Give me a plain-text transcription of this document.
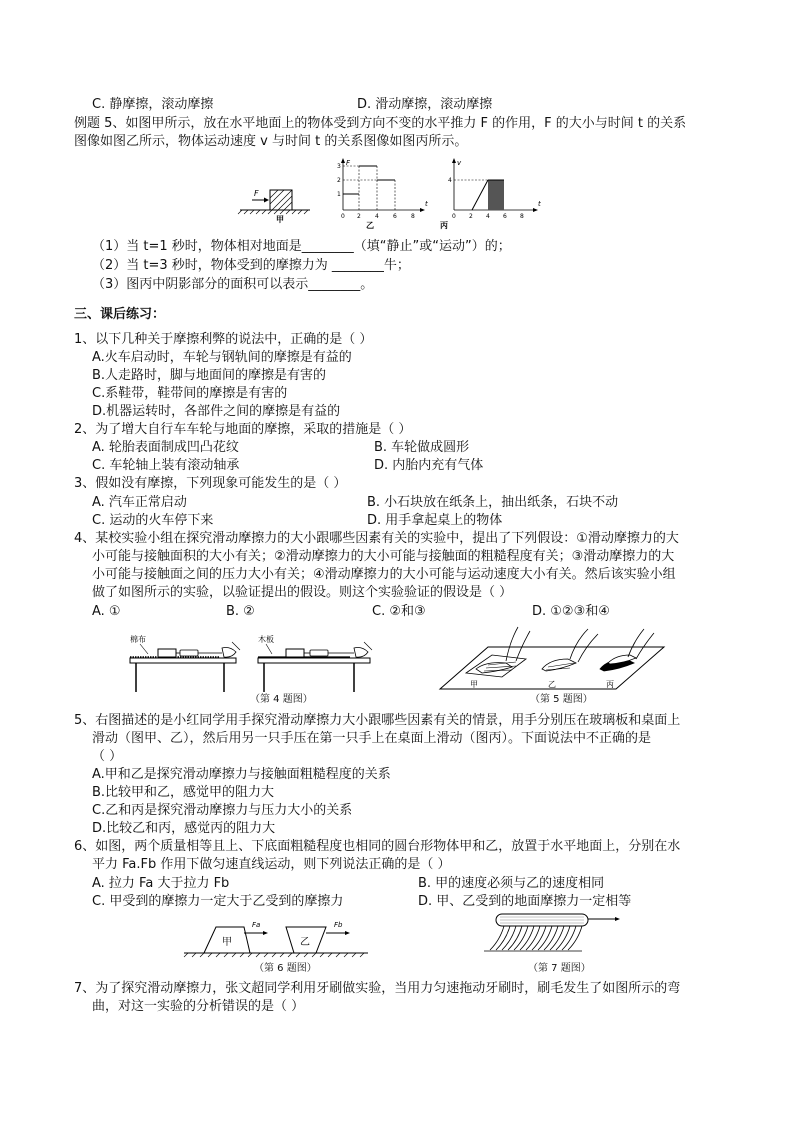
C. 静摩擦，滚动摩擦	D. 滑动摩擦，滚动摩擦
例题 5、如图甲所示，放在水平地面上的物体受到方向不变的水平推力 F 的作用，F 的大小与时间 t 的关系
图像如图乙所示，物体运动速度 v 与时间 t 的关系图像如图丙所示。
F
甲
F
t
1
2
3
0 2 4 6 8
乙
v
t
4
0 2 4 6 8
丙
（1）当 t=1 秒时，物体相对地面是________（填“静止”或“运动”）的；
（2）当 t=3 秒时，物体受到的摩擦力为 ________牛；
（3）图丙中阴影部分的面积可以表示________。
三、课后练习：
1、以下几种关于摩擦利弊的说法中，正确的是（ ）
A.火车启动时，车轮与钢轨间的摩擦是有益的
B.人走路时，脚与地面间的摩擦是有害的
C.系鞋带，鞋带间的摩擦是有害的
D.机器运转时，各部件之间的摩擦是有益的
2、为了增大自行车车轮与地面的摩擦，采取的措施是（ ）
A. 轮胎表面制成凹凸花纹	B. 车轮做成圆形
C. 车轮轴上装有滚动轴承	D. 内胎内充有气体
3、假如没有摩擦，下列现象可能发生的是（ ）
A. 汽车正常启动	B. 小石块放在纸条上，抽出纸条，石块不动
C. 运动的火车停下来	D. 用手拿起桌上的物体
4、某校实验小组在探究滑动摩擦力的大小跟哪些因素有关的实验中，提出了下列假设：①滑动摩擦力的大
小可能与接触面积的大小有关；②滑动摩擦力的大小可能与接触面的粗糙程度有关；③滑动摩擦力的大
小可能与接触面之间的压力大小有关；④滑动摩擦力的大小可能与运动速度大小有关。然后该实验小组
做了如图所示的实验，以验证提出的假设。则这个实验验证的假设是（ ）
A. ①	B. ②	C. ②和③	D. ①②③和④
棉布	木板
（第 4 题图）
甲	乙	丙
（第 5 题图）
5、右图描述的是小红同学用手探究滑动摩擦力大小跟哪些因素有关的情景，用手分别压在玻璃板和桌面上
滑动（图甲、乙），然后用另一只手压在第一只手上在桌面上滑动（图丙）。下面说法中不正确的是
（ ）
A.甲和乙是探究滑动摩擦力与接触面粗糙程度的关系
B.比较甲和乙，感觉甲的阻力大
C.乙和丙是探究滑动摩擦力与压力大小的关系
D.比较乙和丙，感觉丙的阻力大
6、如图，两个质量相等且上、下底面粗糙程度也相同的圆台形物体甲和乙，放置于水平地面上，分别在水
平力 Fa.Fb 作用下做匀速直线运动，则下列说法正确的是（ ）
A. 拉力 Fa 大于拉力 Fb	B. 甲的速度必须与乙的速度相同
C. 甲受到的摩擦力一定大于乙受到的摩擦力	D. 甲、乙受到的地面摩擦力一定相等
甲
Fa
乙
Fb
（第 6 题图）	（第 7 题图）
7、为了探究滑动摩擦力，张文超同学利用牙刷做实验，当用力匀速拖动牙刷时，刷毛发生了如图所示的弯
曲，对这一实验的分析错误的是（ ）
